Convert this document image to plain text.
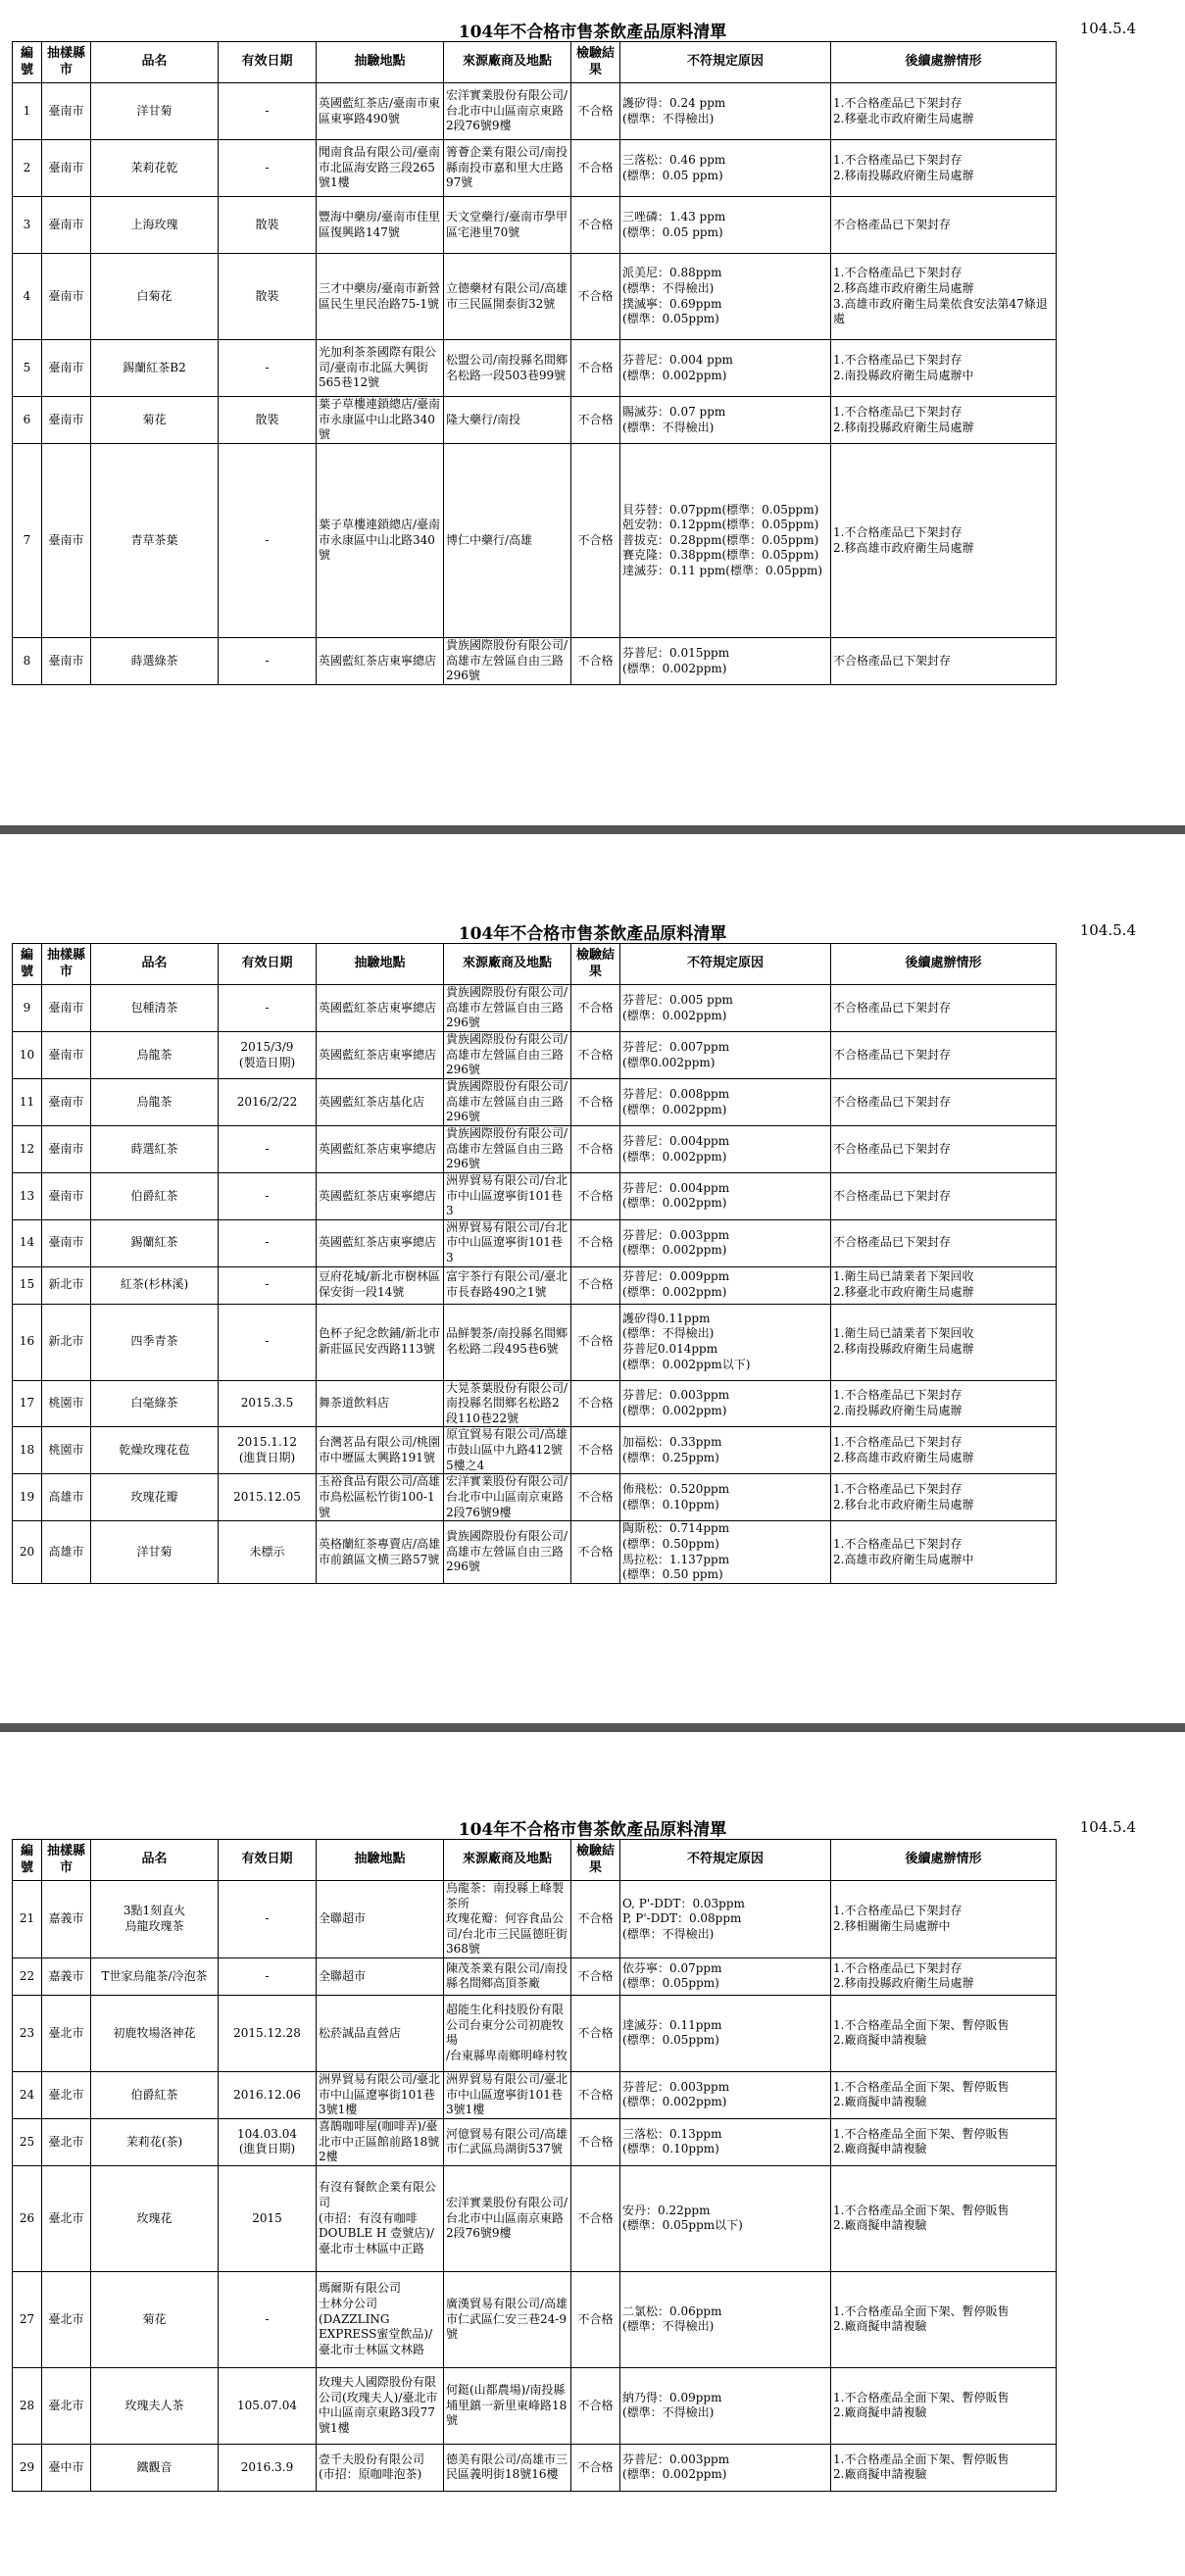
104年不合格市售茶飲產品原料清單	104.5.4
編號	抽樣縣市	品名	有效日期	抽驗地點	來源廠商及地點	檢驗結果	不符規定原因	後續處辦情形
1	臺南市	洋甘菊	-	英國藍紅茶店/臺南市東區東寧路490號	宏洋實業股份有限公司/台北市中山區南京東路2段76號9樓	不合格	護矽得：0.24 ppm
(標準：不得檢出)	1.不合格產品已下架封存
2.移臺北市政府衛生局處辦
2	臺南市	茉莉花乾	-	聞南食品有限公司/臺南市北區海安路三段265號1樓	箐薈企業有限公司/南投縣南投市嘉和里大庄路97號	不合格	三落松：0.46 ppm
(標準：0.05 ppm)	1.不合格產品已下架封存
2.移南投縣政府衛生局處辦
3	臺南市	上海玫瑰	散裝	豐海中藥房/臺南市佳里區復興路147號	天文堂藥行/臺南市學甲區宅港里70號	不合格	三唑磷：1.43 ppm
(標準：0.05 ppm)	不合格產品已下架封存
4	臺南市	白菊花	散裝	三才中藥房/臺南市新營區民生里民治路75-1號	立德藥材有限公司/高雄市三民區開泰街32號	不合格	派美尼：0.88ppm
(標準：不得檢出)
撲滅寧：0.69ppm
(標準：0.05ppm)	1.不合格產品已下架封存
2.移高雄市政府衛生局處辦
3.高雄市政府衛生局業依食安法第47條退處
5	臺南市	錫蘭紅茶B2	-	光加利茶茶國際有限公司/臺南市北區大興街565巷12號	松盟公司/南投縣名間鄉名松路一段503巷99號	不合格	芬普尼：0.004 ppm
(標準：0.002ppm)	1.不合格產品已下架封存
2.南投縣政府衛生局處辦中
6	臺南市	菊花	散裝	葉子草樓連鎖總店/臺南市永康區中山北路340號	隆大藥行/南投	不合格	賜滅芬：0.07 ppm
(標準：不得檢出)	1.不合格產品已下架封存
2.移南投縣政府衛生局處辦
7	臺南市	青草茶葉	-	葉子草樓連鎖總店/臺南市永康區中山北路340號	博仁中藥行/高雄	不合格	貝芬替：0.07ppm(標準：0.05ppm)
剋安勃：0.12ppm(標準：0.05ppm)
普拔克：0.28ppm(標準：0.05ppm)
賽克隆：0.38ppm(標準：0.05ppm)
達滅芬：0.11 ppm(標準：0.05ppm)	1.不合格產品已下架封存
2.移高雄市政府衛生局處辦
8	臺南市	蒔選綠茶	-	英國藍紅茶店東寧總店	貴族國際股份有限公司/高雄市左營區自由三路296號	不合格	芬普尼：0.015ppm
(標準：0.002ppm)	不合格產品已下架封存
104年不合格市售茶飲產品原料清單	104.5.4
編號	抽樣縣市	品名	有效日期	抽驗地點	來源廠商及地點	檢驗結果	不符規定原因	後續處辦情形
9	臺南市	包種清茶	-	英國藍紅茶店東寧總店	貴族國際股份有限公司/高雄市左營區自由三路296號	不合格	芬普尼：0.005 ppm
(標準：0.002ppm)	不合格產品已下架封存
10	臺南市	烏龍茶	2015/3/9
(製造日期)	英國藍紅茶店東寧總店	貴族國際股份有限公司/高雄市左營區自由三路296號	不合格	芬普尼：0.007ppm
(標準0.002ppm)	不合格產品已下架封存
11	臺南市	烏龍茶	2016/2/22	英國藍紅茶店基化店	貴族國際股份有限公司/高雄市左營區自由三路296號	不合格	芬普尼：0.008ppm
(標準：0.002ppm)	不合格產品已下架封存
12	臺南市	蒔選紅茶	-	英國藍紅茶店東寧總店	貴族國際股份有限公司/高雄市左營區自由三路296號	不合格	芬普尼：0.004ppm
(標準：0.002ppm)	不合格產品已下架封存
13	臺南市	伯爵紅茶	-	英國藍紅茶店東寧總店	洲界貿易有限公司/台北市中山區遼寧街101巷3	不合格	芬普尼：0.004ppm
(標準：0.002ppm)	不合格產品已下架封存
14	臺南市	錫蘭紅茶	-	英國藍紅茶店東寧總店	洲界貿易有限公司/台北市中山區遼寧街101巷3	不合格	芬普尼：0.003ppm
(標準：0.002ppm)	不合格產品已下架封存
15	新北市	紅茶(杉林溪)	-	豆府花城/新北市樹林區保安街一段14號	富宇茶行有限公司/臺北市長春路490之1號	不合格	芬普尼：0.009ppm
(標準：0.002ppm)	1.衛生局已請業者下架回收
2.移臺北市政府衛生局處辦
16	新北市	四季青茶	-	色杯子紀念飲鋪/新北市新莊區民安西路113號	品鮮製茶/南投縣名間鄉名松路二段495巷6號	不合格	護矽得0.11ppm
(標準：不得檢出)
芬普尼0.014ppm
(標準：0.002ppm以下)	1.衛生局已請業者下架回收
2.移南投縣政府衛生局處辦
17	桃園市	白毫綠茶	2015.3.5	舞茶道飲料店	大晃茶葉股份有限公司/南投縣名間鄉名松路2段110巷22號	不合格	芬普尼：0.003ppm
(標準：0.002ppm)	1.不合格產品已下架封存
2.南投縣政府衛生局處辦
18	桃園市	乾燥玫瑰花苞	2015.1.12
(進貨日期)	台灣茗品有限公司/桃園市中壢區太興路191號	原宜貿易有限公司/高雄市鼓山區中九路412號5樓之4	不合格	加福松：0.33ppm
(標準：0.25ppm)	1.不合格產品已下架封存
2.移高雄市政府衛生局處辦
19	高雄市	玫瑰花瓣	2015.12.05	玉裕食品有限公司/高雄市鳥松區松竹街100-1號	宏洋實業股份有限公司/台北市中山區南京東路2段76號9樓	不合格	佈飛松：0.520ppm
(標準：0.10ppm)	1.不合格產品已下架封存
2.移台北市政府衛生局處辦
20	高雄市	洋甘菊	未標示	英格蘭紅茶專賣店/高雄市前鎮區文横三路57號	貴族國際股份有限公司/高雄市左營區自由三路296號	不合格	陶斯松：0.714ppm
(標準：0.50ppm)
馬拉松：1.137ppm
(標準：0.50 ppm)	1.不合格產品已下架封存
2.高雄市政府衛生局處辦中
104年不合格市售茶飲產品原料清單	104.5.4
編號	抽樣縣市	品名	有效日期	抽驗地點	來源廠商及地點	檢驗結果	不符規定原因	後續處辦情形
21	嘉義市	3點1刻直火
烏龍玫瑰茶	-	全聯超市	烏龍茶：南投縣上峰製茶所
玫瑰花瓣：何容食品公司/台北市三民區德旺街368號	不合格	O, P'-DDT：0.03ppm
P, P'-DDT：0.08ppm
(標準：不得檢出)	1.不合格產品已下架封存
2.移相關衛生局處辦中
22	嘉義市	T世家烏龍茶/冷泡茶	-	全聯超市	陳茂茶業有限公司/南投縣名間鄉高頂茶廠	不合格	依芬寧：0.07ppm
(標準：0.05ppm)	1.不合格產品已下架封存
2.移南投縣政府衛生局處辦
23	臺北市	初鹿牧場洛神花	2015.12.28	松菸誠品直營店	超能生化科技股份有限公司台東分公司初鹿牧場
/台東縣卑南鄉明峰村牧	不合格	達滅芬：0.11ppm
(標準：0.05ppm)	1.不合格產品全面下架、暫停販售
2.廠商擬申請複驗
24	臺北市	伯爵紅茶	2016.12.06	洲界貿易有限公司/臺北市中山區遼寧街101巷3號1樓	洲界貿易有限公司/臺北市中山區遼寧街101巷3號1樓	不合格	芬普尼：0.003ppm
(標準：0.002ppm)	1.不合格產品全面下架、暫停販售
2.廠商擬申請複驗
25	臺北市	茉莉花(茶)	104.03.04
(進貨日期)	喜鵲咖啡屋(咖啡弄)/臺北市中正區館前路18號2樓	河億貿易有限公司/高雄市仁武區烏湖街537號	不合格	三落松：0.13ppm
(標準：0.10ppm)	1.不合格產品全面下架、暫停販售
2.廠商擬申請複驗
26	臺北市	玫瑰花	2015	有沒有餐飲企業有限公司
(市招：有沒有咖啡DOUBLE H 壹號店)/臺北市士林區中正路	宏洋實業股份有限公司/台北市中山區南京東路2段76號9樓	不合格	安丹：0.22ppm
(標準：0.05ppm以下)	1.不合格產品全面下架、暫停販售
2.廠商擬申請複驗
27	臺北市	菊花	-	瑪爾斯有限公司
士林分公司
(DAZZLING EXPRESS蜜堂飲品)/臺北市士林區文林路	廣漢貿易有限公司/高雄市仁武區仁安三巷24-9號	不合格	二氯松：0.06ppm
(標準：不得檢出)	1.不合格產品全面下架、暫停販售
2.廠商擬申請複驗
28	臺北市	玫瑰夫人茶	105.07.04	玫瑰夫人國際股份有限公司(玫瑰夫人)/臺北市中山區南京東路3段77號1樓	何鋌(山都農場)/南投縣埔里鎮一新里東峰路18號	不合格	納乃得：0.09ppm
(標準：不得檢出)	1.不合格產品全面下架、暫停販售
2.廠商擬申請複驗
29	臺中市	鐵觀音	2016.3.9	壹千夫股份有限公司
(市招：原咖啡泡茶)	德美有限公司/高雄市三民區義明街18號16樓	不合格	芬普尼：0.003ppm
(標準：0.002ppm)	1.不合格產品全面下架、暫停販售
2.廠商擬申請複驗
